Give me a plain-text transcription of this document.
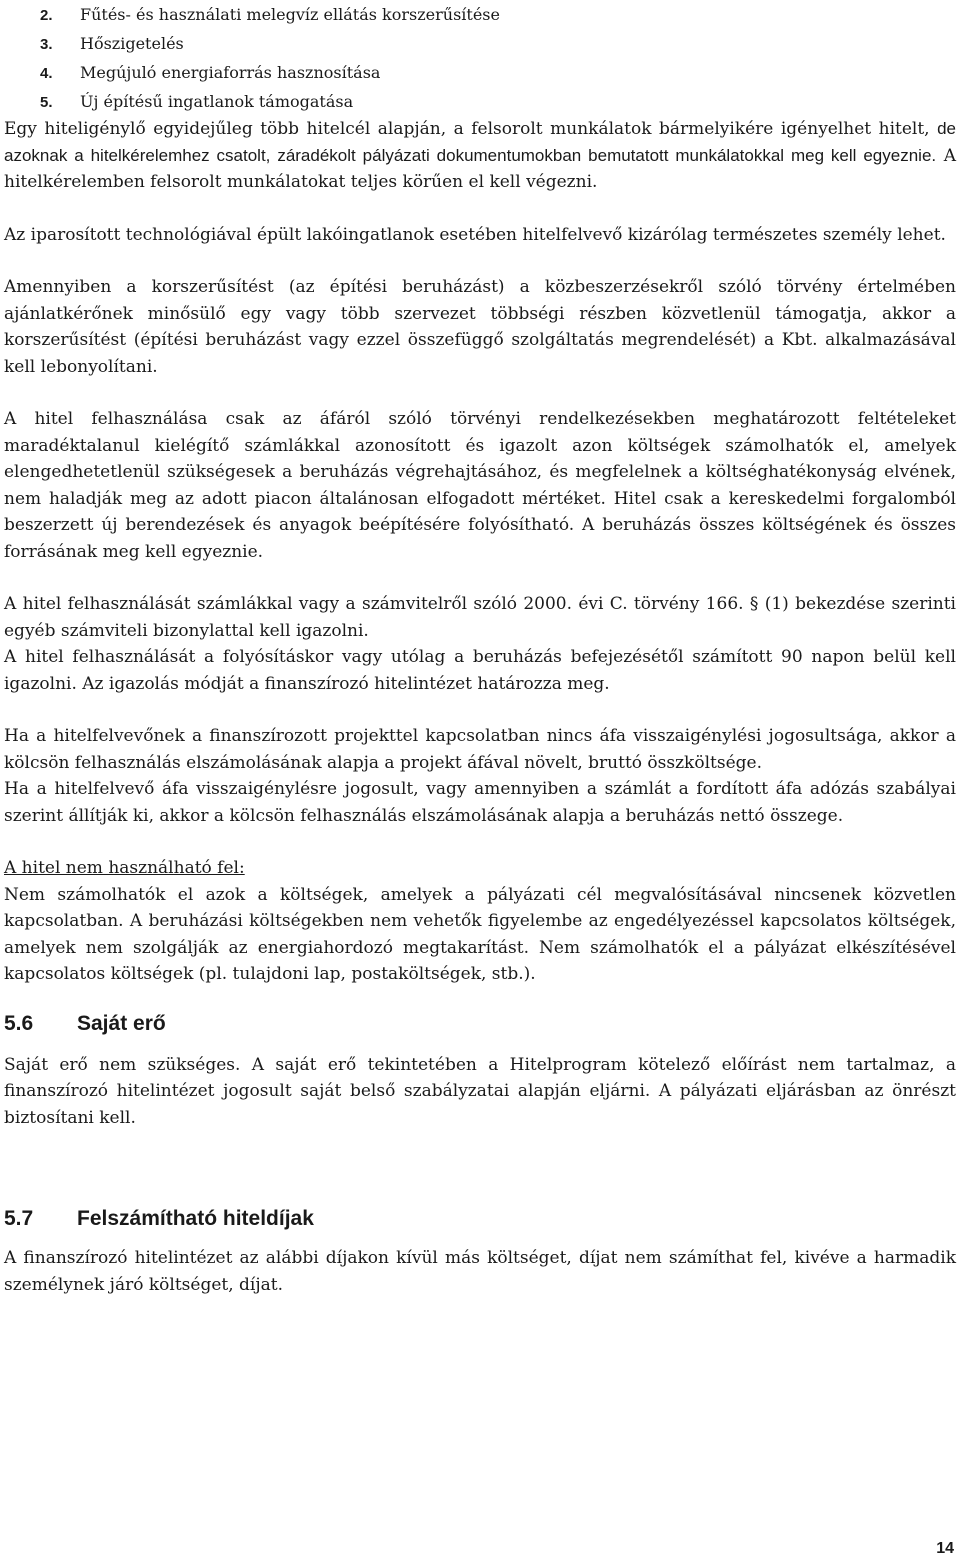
2. Fűtés- és használati melegvíz ellátás korszerűsítése
3. Hőszigetelés
4. Megújuló energiaforrás hasznosítása
5. Új építésű ingatlanok támogatása

Egy hiteligénylő egyidejűleg több hitelcél alapján, a felsorolt munkálatok bármelyikére igényelhet hitelt, de azoknak a hitelkérelemhez csatolt, záradékolt pályázati dokumentumokban bemutatott munkálatokkal meg kell egyeznie. A hitelkérelemben felsorolt munkálatokat teljes körűen el kell végezni.

Az iparosított technológiával épült lakóingatlanok esetében hitelfelvevő kizárólag természetes személy lehet.

Amennyiben a korszerűsítést (az építési beruházást) a közbeszerzésekről szóló törvény értelmében ajánlatkérőnek minősülő egy vagy több szervezet többségi részben közvetlenül támogatja, akkor a korszerűsítést (építési beruházást vagy ezzel összefüggő szolgáltatás megrendelését) a Kbt. alkalmazásával kell lebonyolítani.

A hitel felhasználása csak az áfáról szóló törvényi rendelkezésekben meghatározott feltételeket maradéktalanul kielégítő számlákkal azonosított és igazolt azon költségek számolhatók el, amelyek elengedhetetlenül szükségesek a beruházás végrehajtásához, és megfelelnek a költséghatékonyság elvének, nem haladják meg az adott piacon általánosan elfogadott mértéket. Hitel csak a kereskedelmi forgalomból beszerzett új berendezések és anyagok beépítésére folyósítható. A beruházás összes költségének és összes forrásának meg kell egyeznie.

A hitel felhasználását számlákkal vagy a számvitelről szóló 2000. évi C. törvény 166. § (1) bekezdése szerinti egyéb számviteli bizonylattal kell igazolni.

A hitel felhasználását a folyósításkor vagy utólag a beruházás befejezésétől számított 90 napon belül kell igazolni. Az igazolás módját a finanszírozó hitelintézet határozza meg.

Ha a hitelfelvevőnek a finanszírozott projekttel kapcsolatban nincs áfa visszaigénylési jogosultsága, akkor a kölcsön felhasználás elszámolásának alapja a projekt áfával növelt, bruttó összköltsége.

Ha a hitelfelvevő áfa visszaigénylésre jogosult, vagy amennyiben a számlát a fordított áfa adózás szabályai szerint állítják ki, akkor a kölcsön felhasználás elszámolásának alapja a beruházás nettó összege.

A hitel nem használható fel:

Nem számolhatók el azok a költségek, amelyek a pályázati cél megvalósításával nincsenek közvetlen kapcsolatban. A beruházási költségekben nem vehetők figyelembe az engedélyezéssel kapcsolatos költségek, amelyek nem szolgálják az energiahordozó megtakarítást. Nem számolhatók el a pályázat elkészítésével kapcsolatos költségek (pl. tulajdoni lap, postaköltségek, stb.).

5.6 Saját erő

Saját erő nem szükséges. A saját erő tekintetében a Hitelprogram kötelező előírást nem tartalmaz, a finanszírozó hitelintézet jogosult saját belső szabályzatai alapján eljárni. A pályázati eljárásban az önrészt biztosítani kell.

5.7 Felszámítható hiteldíjak

A finanszírozó hitelintézet az alábbi díjakon kívül más költséget, díjat nem számíthat fel, kivéve a harmadik személynek járó költséget, díjat.

14
